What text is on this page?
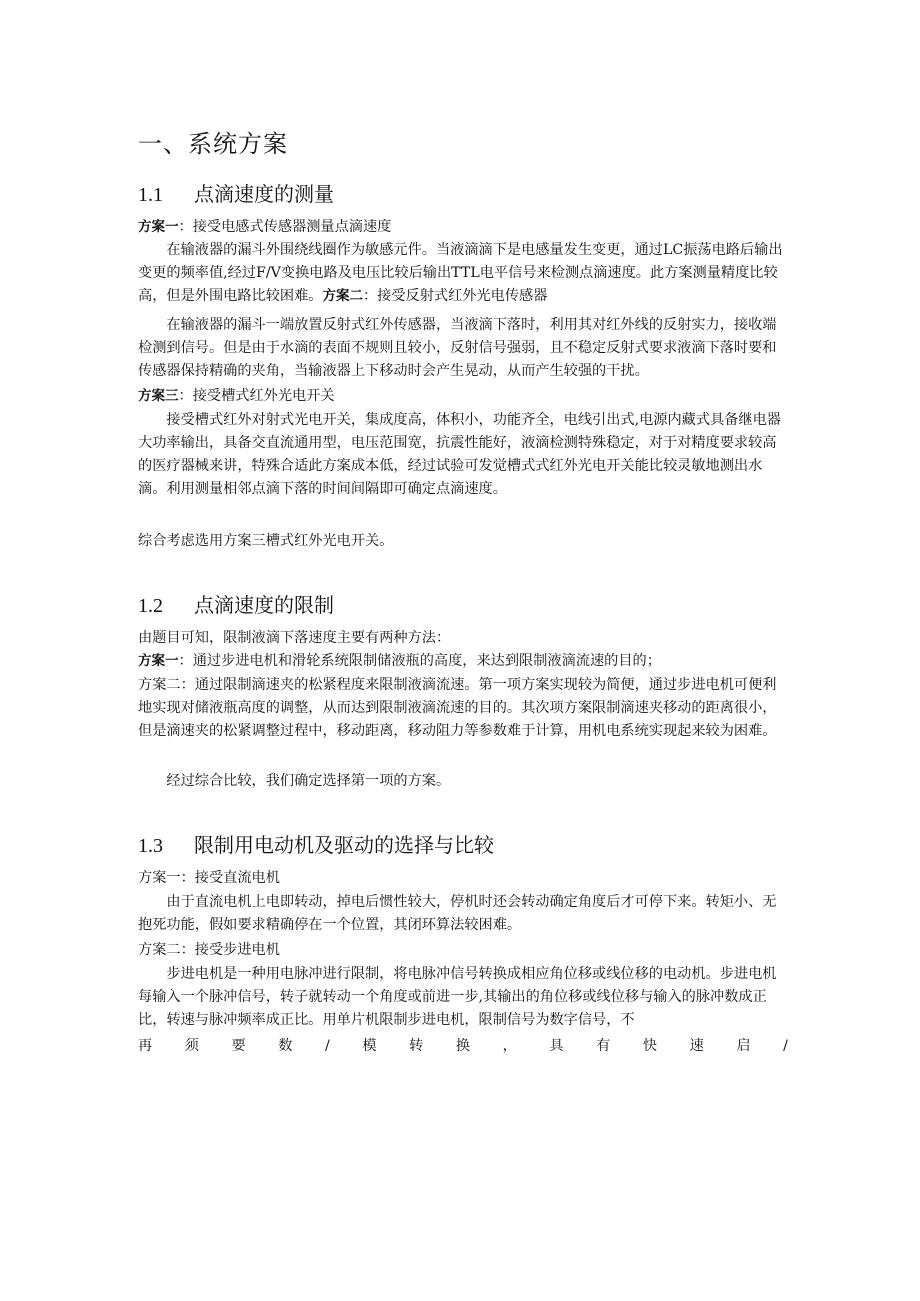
一、系统方案
1.1 点滴速度的测量
方案一：接受电感式传感器测量点滴速度
在输液器的漏斗外围绕线圈作为敏感元件。当液滴滴下是电感量发生变更，通过LC振荡电路后输出变更的频率值,经过F/V变换电路及电压比较后输出TTL电平信号来检测点滴速度。此方案测量精度比较高，但是外围电路比较困难。方案二：接受反射式红外光电传感器
在输液器的漏斗一端放置反射式红外传感器，当液滴下落时，利用其对红外线的反射实力，接收端检测到信号。但是由于水滴的表面不规则且较小，反射信号强弱，且不稳定反射式要求液滴下落时要和传感器保持精确的夹角，当输液器上下移动时会产生晃动，从而产生较强的干扰。
方案三：接受槽式红外光电开关
接受槽式红外对射式光电开关，集成度高，体积小，功能齐全，电线引出式,电源内藏式具备继电器大功率输出，具备交直流通用型，电压范围宽，抗震性能好，液滴检测特殊稳定，对于对精度要求较高的医疗器械来讲，特殊合适此方案成本低，经过试验可发觉槽式式红外光电开关能比较灵敏地测出水滴。利用测量相邻点滴下落的时间间隔即可确定点滴速度。
综合考虑选用方案三槽式红外光电开关。
1.2 点滴速度的限制
由题目可知，限制液滴下落速度主要有两种方法：
方案一：通过步进电机和滑轮系统限制储液瓶的高度，来达到限制液滴流速的目的；
方案二：通过限制滴速夹的松紧程度来限制液滴流速。第一项方案实现较为简便，通过步进电机可便利地实现对储液瓶高度的调整，从而达到限制液滴流速的目的。其次项方案限制滴速夹移动的距离很小，但是滴速夹的松紧调整过程中，移动距离，移动阻力等参数难于计算，用机电系统实现起来较为困难。
经过综合比较，我们确定选择第一项的方案。
1.3 限制用电动机及驱动的选择与比较
方案一：接受直流电机
由于直流电机上电即转动，掉电后惯性较大，停机时还会转动确定角度后才可停下来。转矩小、无抱死功能，假如要求精确停在一个位置，其闭环算法较困难。
方案二：接受步进电机
步进电机是一种用电脉冲进行限制，将电脉冲信号转换成相应角位移或线位移的电动机。步进电机每输入一个脉冲信号，转子就转动一个角度或前进一步,其输出的角位移或线位移与输入的脉冲数成正比，转速与脉冲频率成正比。用单片机限制步进电机，限制信号为数字信号，不
再 须 要 数 / 模 转 换 ， 具 有 快 速 启 /
